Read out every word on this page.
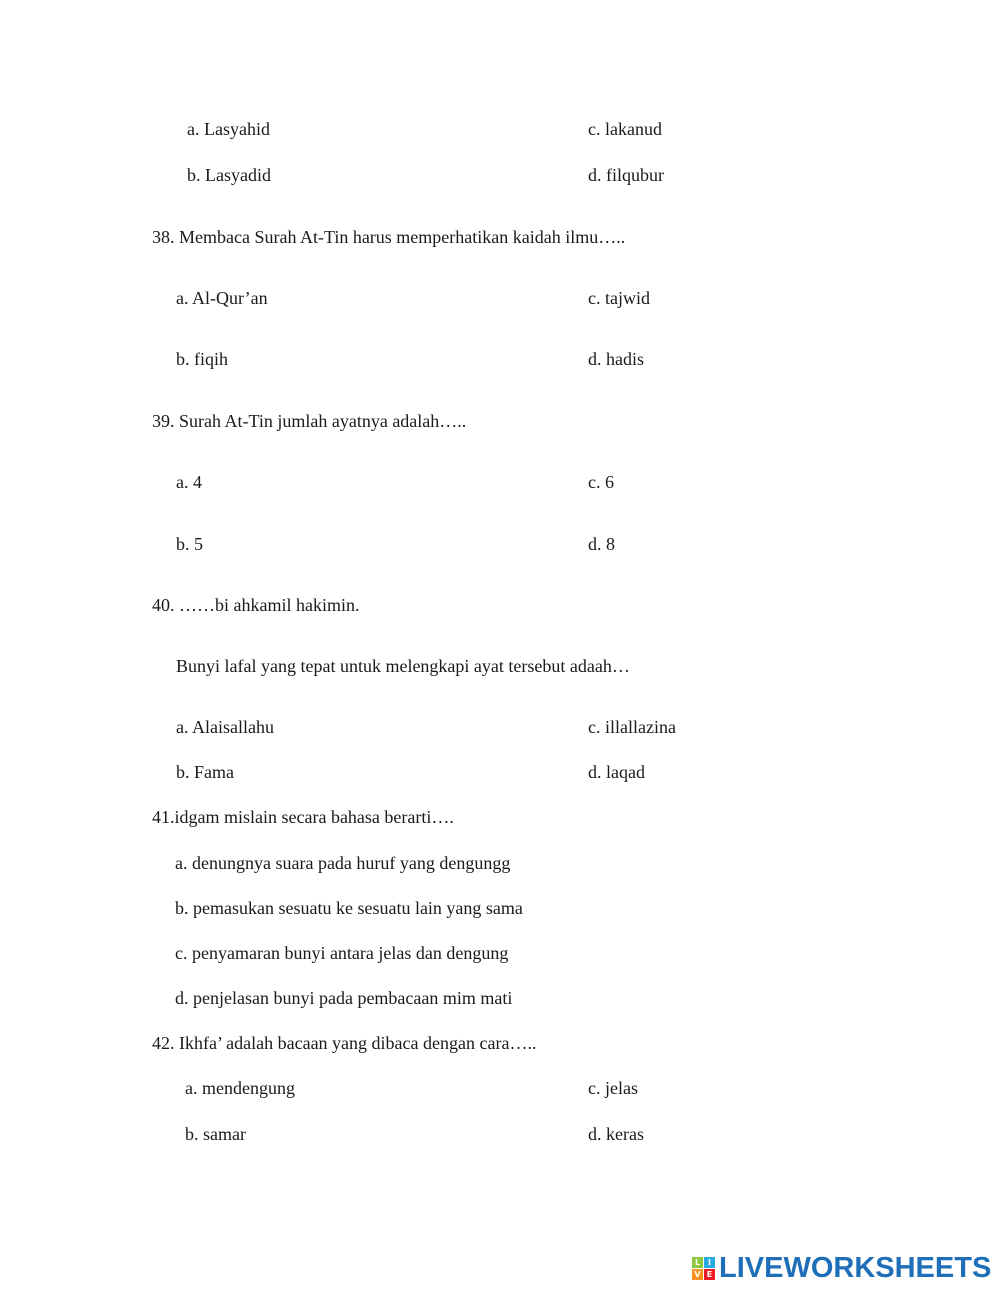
a. Lasyahid	c. lakanud
b. Lasyadid	d. filqubur
38. Membaca Surah At-Tin harus memperhatikan kaidah ilmu…..
a. Al-Qur’an	c. tajwid
b. fiqih	d. hadis
39. Surah At-Tin jumlah ayatnya adalah…..
a. 4	c. 6
b. 5	d. 8
40. ……bi ahkamil hakimin.
Bunyi lafal yang tepat untuk melengkapi ayat tersebut adaah…
a. Alaisallahu	c. illallazina
b. Fama	d. laqad
41.idgam mislain secara bahasa berarti….
a. denungnya suara pada huruf yang dengungg
b. pemasukan sesuatu ke sesuatu lain yang sama
c. penyamaran bunyi antara jelas dan dengung
d. penjelasan bunyi pada pembacaan mim mati
42. Ikhfa’ adalah bacaan yang dibaca dengan cara…..
a. mendengung	c. jelas
b. samar	d. keras
L I
V E LIVEWORKSHEETS
